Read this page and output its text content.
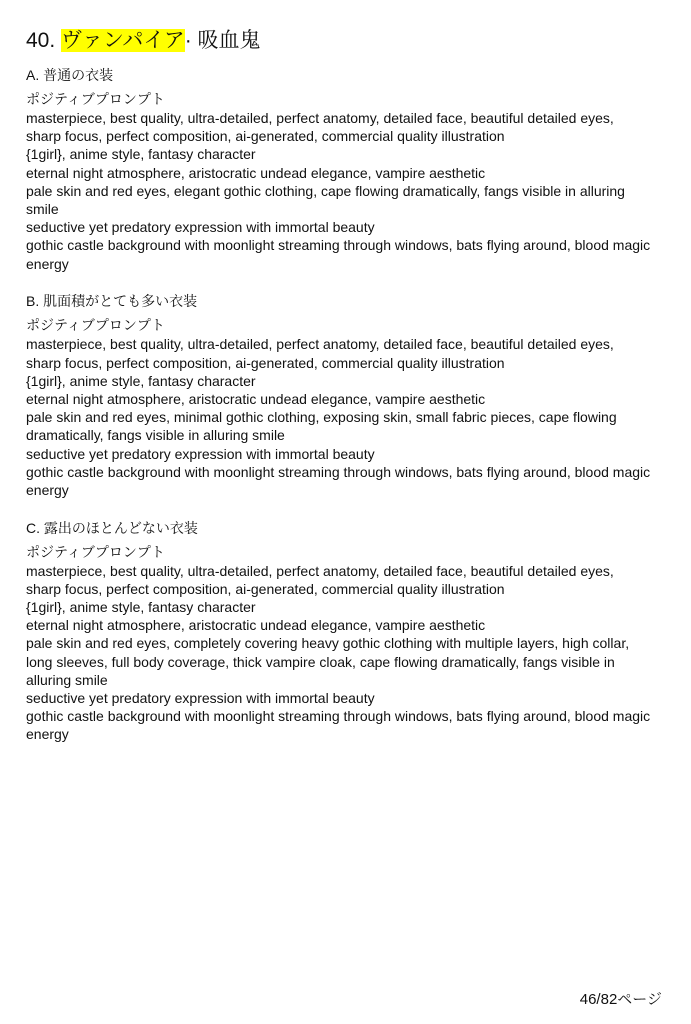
40. ヴァンパイア· 吸血鬼

A. 普通の衣装

ポジティブプロンプト

masterpiece, best quality, ultra-detailed, perfect anatomy, detailed face, beautiful detailed eyes, sharp focus, perfect composition, ai-generated, commercial quality illustration

{1girl}, anime style, fantasy character

eternal night atmosphere, aristocratic undead elegance, vampire aesthetic

pale skin and red eyes, elegant gothic clothing, cape flowing dramatically, fangs visible in alluring smile

seductive yet predatory expression with immortal beauty

gothic castle background with moonlight streaming through windows, bats flying around, blood magic energy

B. 肌面積がとても多い衣装

ポジティブプロンプト

masterpiece, best quality, ultra-detailed, perfect anatomy, detailed face, beautiful detailed eyes, sharp focus, perfect composition, ai-generated, commercial quality illustration

{1girl}, anime style, fantasy character

eternal night atmosphere, aristocratic undead elegance, vampire aesthetic

pale skin and red eyes, minimal gothic clothing, exposing skin, small fabric pieces, cape flowing dramatically, fangs visible in alluring smile

seductive yet predatory expression with immortal beauty

gothic castle background with moonlight streaming through windows, bats flying around, blood magic energy

C. 露出のほとんどない衣装

ポジティブプロンプト

masterpiece, best quality, ultra-detailed, perfect anatomy, detailed face, beautiful detailed eyes, sharp focus, perfect composition, ai-generated, commercial quality illustration

{1girl}, anime style, fantasy character

eternal night atmosphere, aristocratic undead elegance, vampire aesthetic

pale skin and red eyes, completely covering heavy gothic clothing with multiple layers, high collar, long sleeves, full body coverage, thick vampire cloak, cape flowing dramatically, fangs visible in alluring smile

seductive yet predatory expression with immortal beauty

gothic castle background with moonlight streaming through windows, bats flying around, blood magic energy

46/82ページ
